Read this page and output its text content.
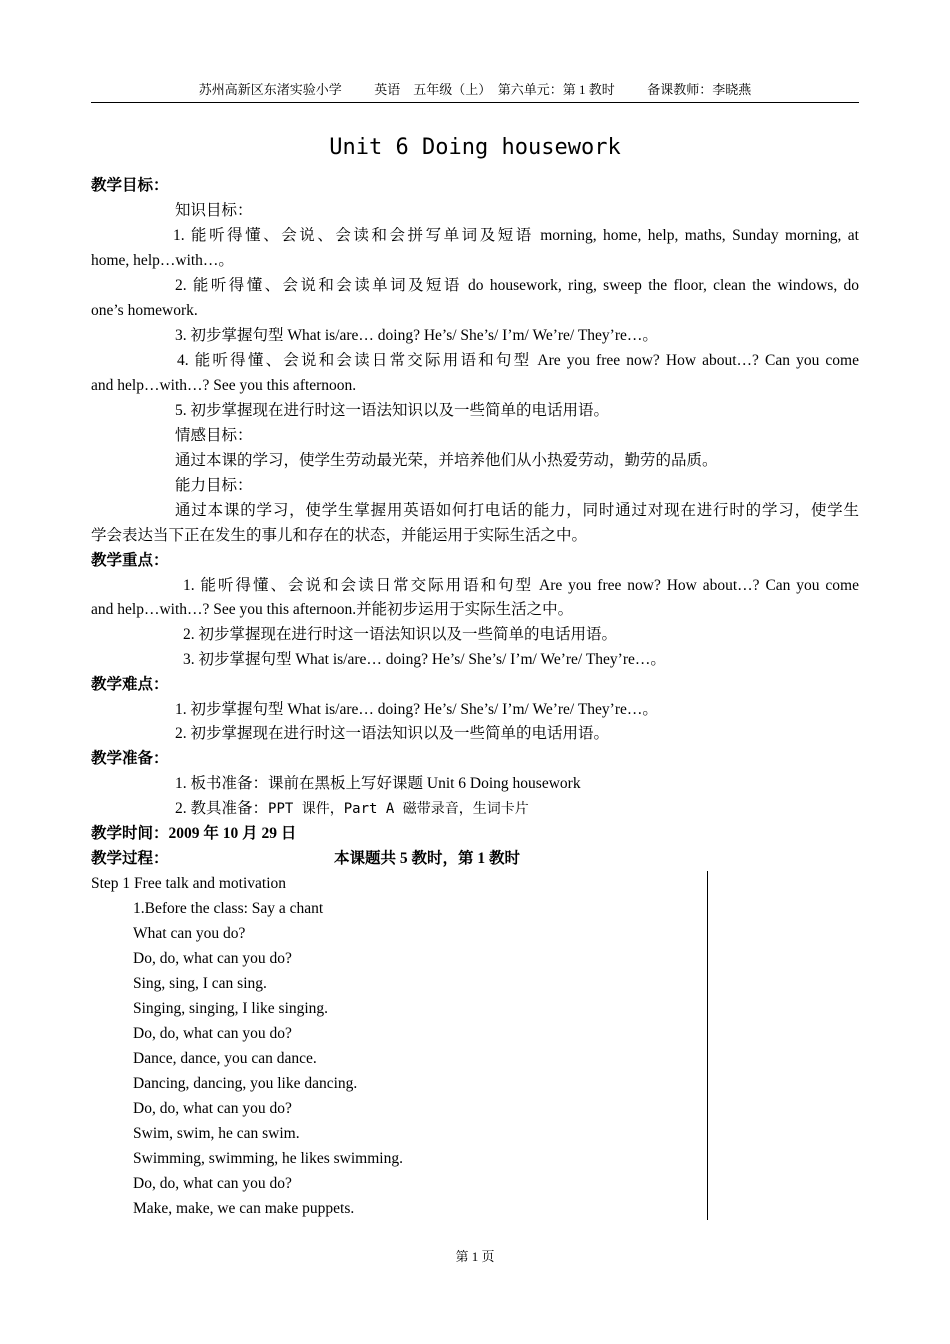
苏州高新区东渚实验小学          英语    五年级（上）  第六单元：第 1 教时          备课教师：李晓燕
Unit 6 Doing housework
教学目标：
知识目标：
1. 能听得懂、会说、会读和会拼写单词及短语 morning, home, help, maths, Sunday morning, at
home, help…with…。
2. 能听得懂、会说和会读单词及短语 do housework, ring, sweep the floor, clean the windows, do
one’s homework.
3. 初步掌握句型 What is/are… doing? He’s/ She’s/ I’m/ We’re/ They’re…。
4. 能听得懂、会说和会读日常交际用语和句型 Are you free now? How about…? Can you come
and help…with…? See you this afternoon.
5. 初步掌握现在进行时这一语法知识以及一些简单的电话用语。
情感目标：
通过本课的学习，使学生劳动最光荣，并培养他们从小热爱劳动，勤劳的品质。
能力目标：
通过本课的学习，使学生掌握用英语如何打电话的能力，同时通过对现在进行时的学习，使学生
学会表达当下正在发生的事儿和存在的状态，并能运用于实际生活之中。
教学重点：
1. 能听得懂、会说和会读日常交际用语和句型 Are you free now? How about…? Can you come
and help…with…? See you this afternoon.并能初步运用于实际生活之中。
2. 初步掌握现在进行时这一语法知识以及一些简单的电话用语。
3. 初步掌握句型 What is/are… doing? He’s/ She’s/ I’m/ We’re/ They’re…。
教学难点：
1. 初步掌握句型 What is/are… doing? He’s/ She’s/ I’m/ We’re/ They’re…。
2. 初步掌握现在进行时这一语法知识以及一些简单的电话用语。
教学准备：
1. 板书准备：课前在黑板上写好课题 Unit 6 Doing housework
2. 教具准备：PPT 课件，Part A 磁带录音，生词卡片
教学时间：2009 年 10 月 29 日
教学过程：	本课题共 5 教时，第 1 教时
Step 1 Free talk and motivation
1.Before the class: Say a chant
What can you do?
Do, do, what can you do?
Sing, sing, I can sing.
Singing, singing, I like singing.
Do, do, what can you do?
Dance, dance, you can dance.
Dancing, dancing, you like dancing.
Do, do, what can you do?
Swim, swim, he can swim.
Swimming, swimming, he likes swimming.
Do, do, what can you do?
Make, make, we can make puppets.
第 1 页
